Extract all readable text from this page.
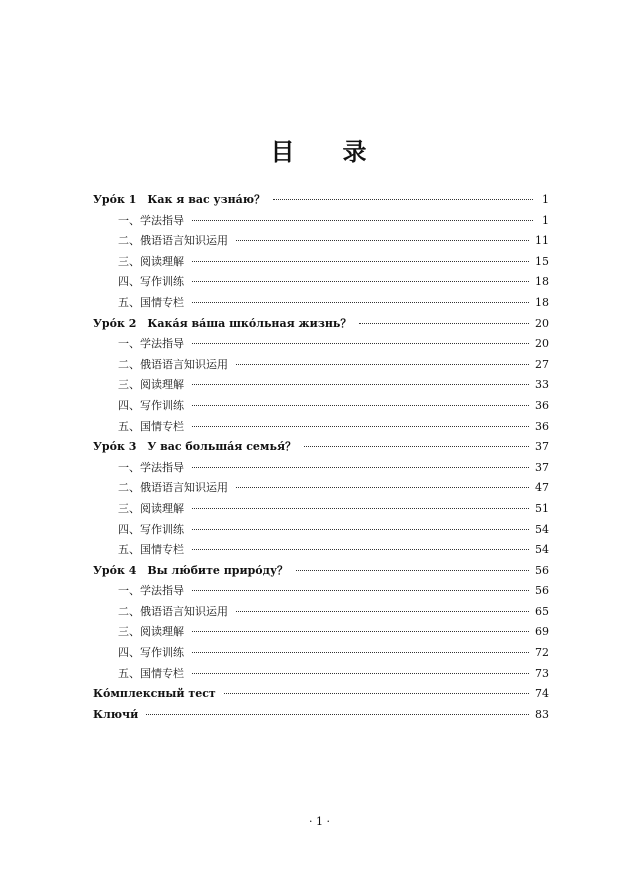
目 录
Уро́к 1　Как я вас узна́ю？	1
一、学法指导	1
二、俄语语言知识运用	11
三、阅读理解	15
四、写作训练	18
五、国情专栏	18
Уро́к 2　Кака́я ва́ша шко́льная жизнь？	20
一、学法指导	20
二、俄语语言知识运用	27
三、阅读理解	33
四、写作训练	36
五、国情专栏	36
Уро́к 3　У вас больша́я семья́？	37
一、学法指导	37
二、俄语语言知识运用	47
三、阅读理解	51
四、写作训练	54
五、国情专栏	54
Уро́к 4　Вы лю́бите приро́ду？	56
一、学法指导	56
二、俄语语言知识运用	65
三、阅读理解	69
四、写作训练	72
五、国情专栏	73
Ко́мплексный тест	74
Ключи́	83
· 1 ·
